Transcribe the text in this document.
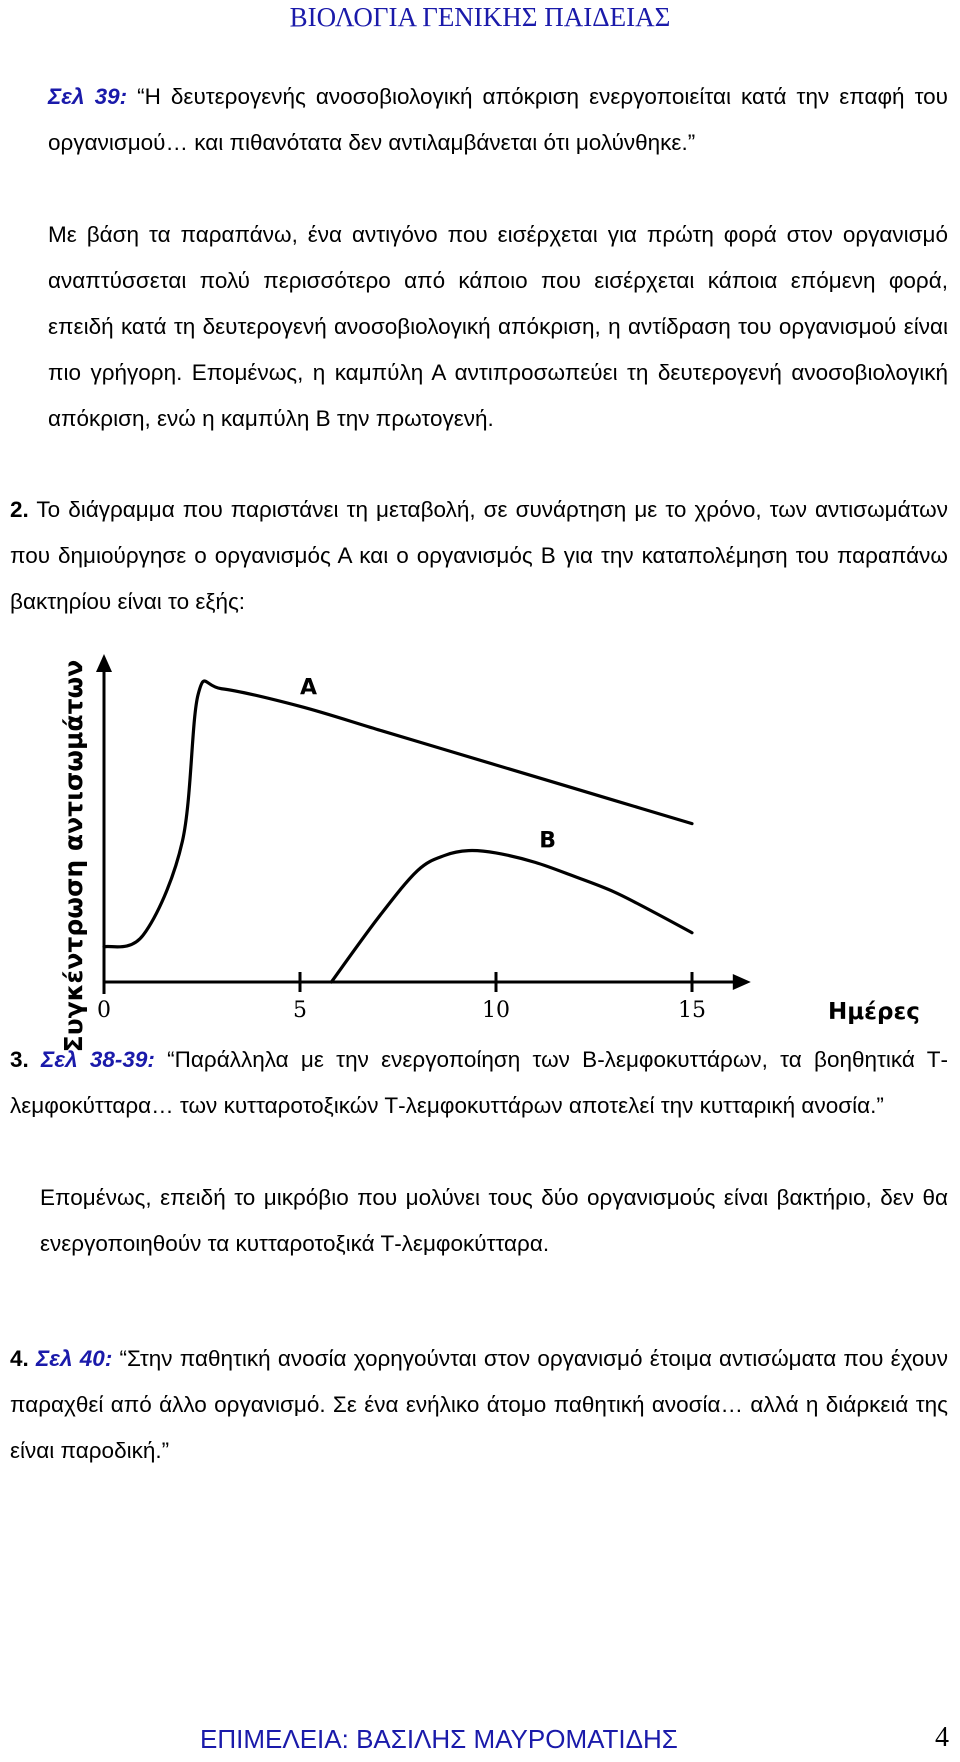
ΒΙΟΛΟΓΙΑ ΓΕΝΙΚΗΣ ΠΑΙΔΕΙΑΣ
Σελ 39: “Η δευτερογενής ανοσοβιολογική απόκριση ενεργοποιείται κατά την επαφή του οργανισμού… και πιθανότατα δεν αντιλαμβάνεται ότι μολύνθηκε.”
Με βάση τα παραπάνω, ένα αντιγόνο που εισέρχεται για πρώτη φορά στον οργανισμό αναπτύσσεται πολύ περισσότερο από κάποιο που εισέρχεται κάποια επόμενη φορά, επειδή κατά τη δευτερογενή ανοσοβιολογική απόκριση, η αντίδραση του οργανισμού είναι πιο γρήγορη. Επομένως, η καμπύλη Α αντιπροσωπεύει τη δευτερογενή ανοσοβιολογική απόκριση, ενώ η καμπύλη Β την πρωτογενή.
2. Το διάγραμμα που παριστάνει τη μεταβολή, σε συνάρτηση με το χρόνο, των αντισωμάτων που δημιούργησε ο οργανισμός Α και ο οργανισμός Β για την καταπολέμηση του παραπάνω βακτηρίου είναι το εξής:
0	5	10	15
Α
Β
Συγκέντρωση αντισωμάτων	Ημέρες
3. Σελ 38-39: “Παράλληλα με την ενεργοποίηση των Β-λεμφοκυττάρων, τα βοηθητικά Τ-λεμφοκύτταρα… των κυτταροτοξικών Τ-λεμφοκυττάρων αποτελεί την κυτταρική ανοσία.”
Επομένως, επειδή το μικρόβιο που μολύνει τους δύο οργανισμούς είναι βακτήριο, δεν θα ενεργοποιηθούν τα κυτταροτοξικά Τ-λεμφοκύτταρα.
4. Σελ 40: “Στην παθητική ανοσία χορηγούνται στον οργανισμό έτοιμα αντισώματα που έχουν παραχθεί από άλλο οργανισμό. Σε ένα ενήλικο άτομο παθητική ανοσία… αλλά η διάρκειά της είναι παροδική.”
ΕΠΙΜΕΛΕΙΑ: ΒΑΣΙΛΗΣ ΜΑΥΡΟΜΑΤΙΔΗΣ	4
